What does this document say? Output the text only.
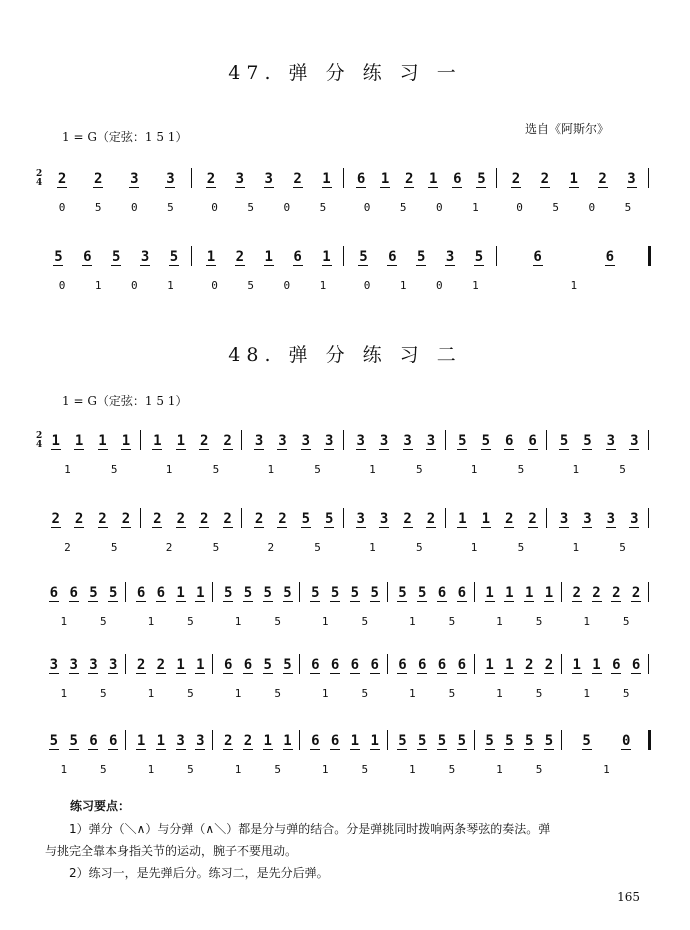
47. 弹 分 练 习 一
1 = G（定弦：1 5 1）
选自《阿斯尔》
2 2 3 3 2 3 3 2 1 6 1 2 1 6 5 2 2 1 2 3
0	5	0	5	0	5	0	5	0	5	0	1	0	5	0	5
2
4
5 6 5 3 5 1 2 1 6 1 5 6 5 3 5	6	6
0	1	0	1	0	5	0	1	0	1	0	1	1
48. 弹 分 练 习 二
1 = G（定弦：1 5 1）
1 1 1 1 1 1 2 2 3 3 3 3 3 3 3 3 5 5 6 6 5 5 3 3
1	5	1	5	1	5	1	5	1	5	1	5
2
4
2 2 2 2 2 2 2 2 2 2 5 5 3 3 2 2 1 1 2 2 3 3 3 3
2	5	2	5	2	5	1	5	1	5	1	5
6 6 5 5 6 6 1 1 5 5 5 5 5 5 5 5 5 5 6 6 1 1 1 1 2 2 2 2
1	5	1	5	1	5	1	5	1	5	1	5	1	5
3 3 3 3 2 2 1 1 6 6 5 5 6 6 6 6 6 6 6 6 1 1 2 2 1 1 6 6
1	5	1	5	1	5	1	5	1	5	1	5	1	5
5 5 6 6 1 1 3 3 2 2 1 1 6 6 1 1 5 5 5 5 5 5 5 5 5 0
1	5	1	5	1	5	1	5	1	5	1	5	1
练习要点：
1）弹分（＼∧）与分弹（∧＼）都是分与弹的结合。分是弹挑同时拨响两条琴弦的奏法。弹
与挑完全靠本身指关节的运动，腕子不要甩动。
2）练习一，是先弹后分。练习二，是先分后弹。
165
